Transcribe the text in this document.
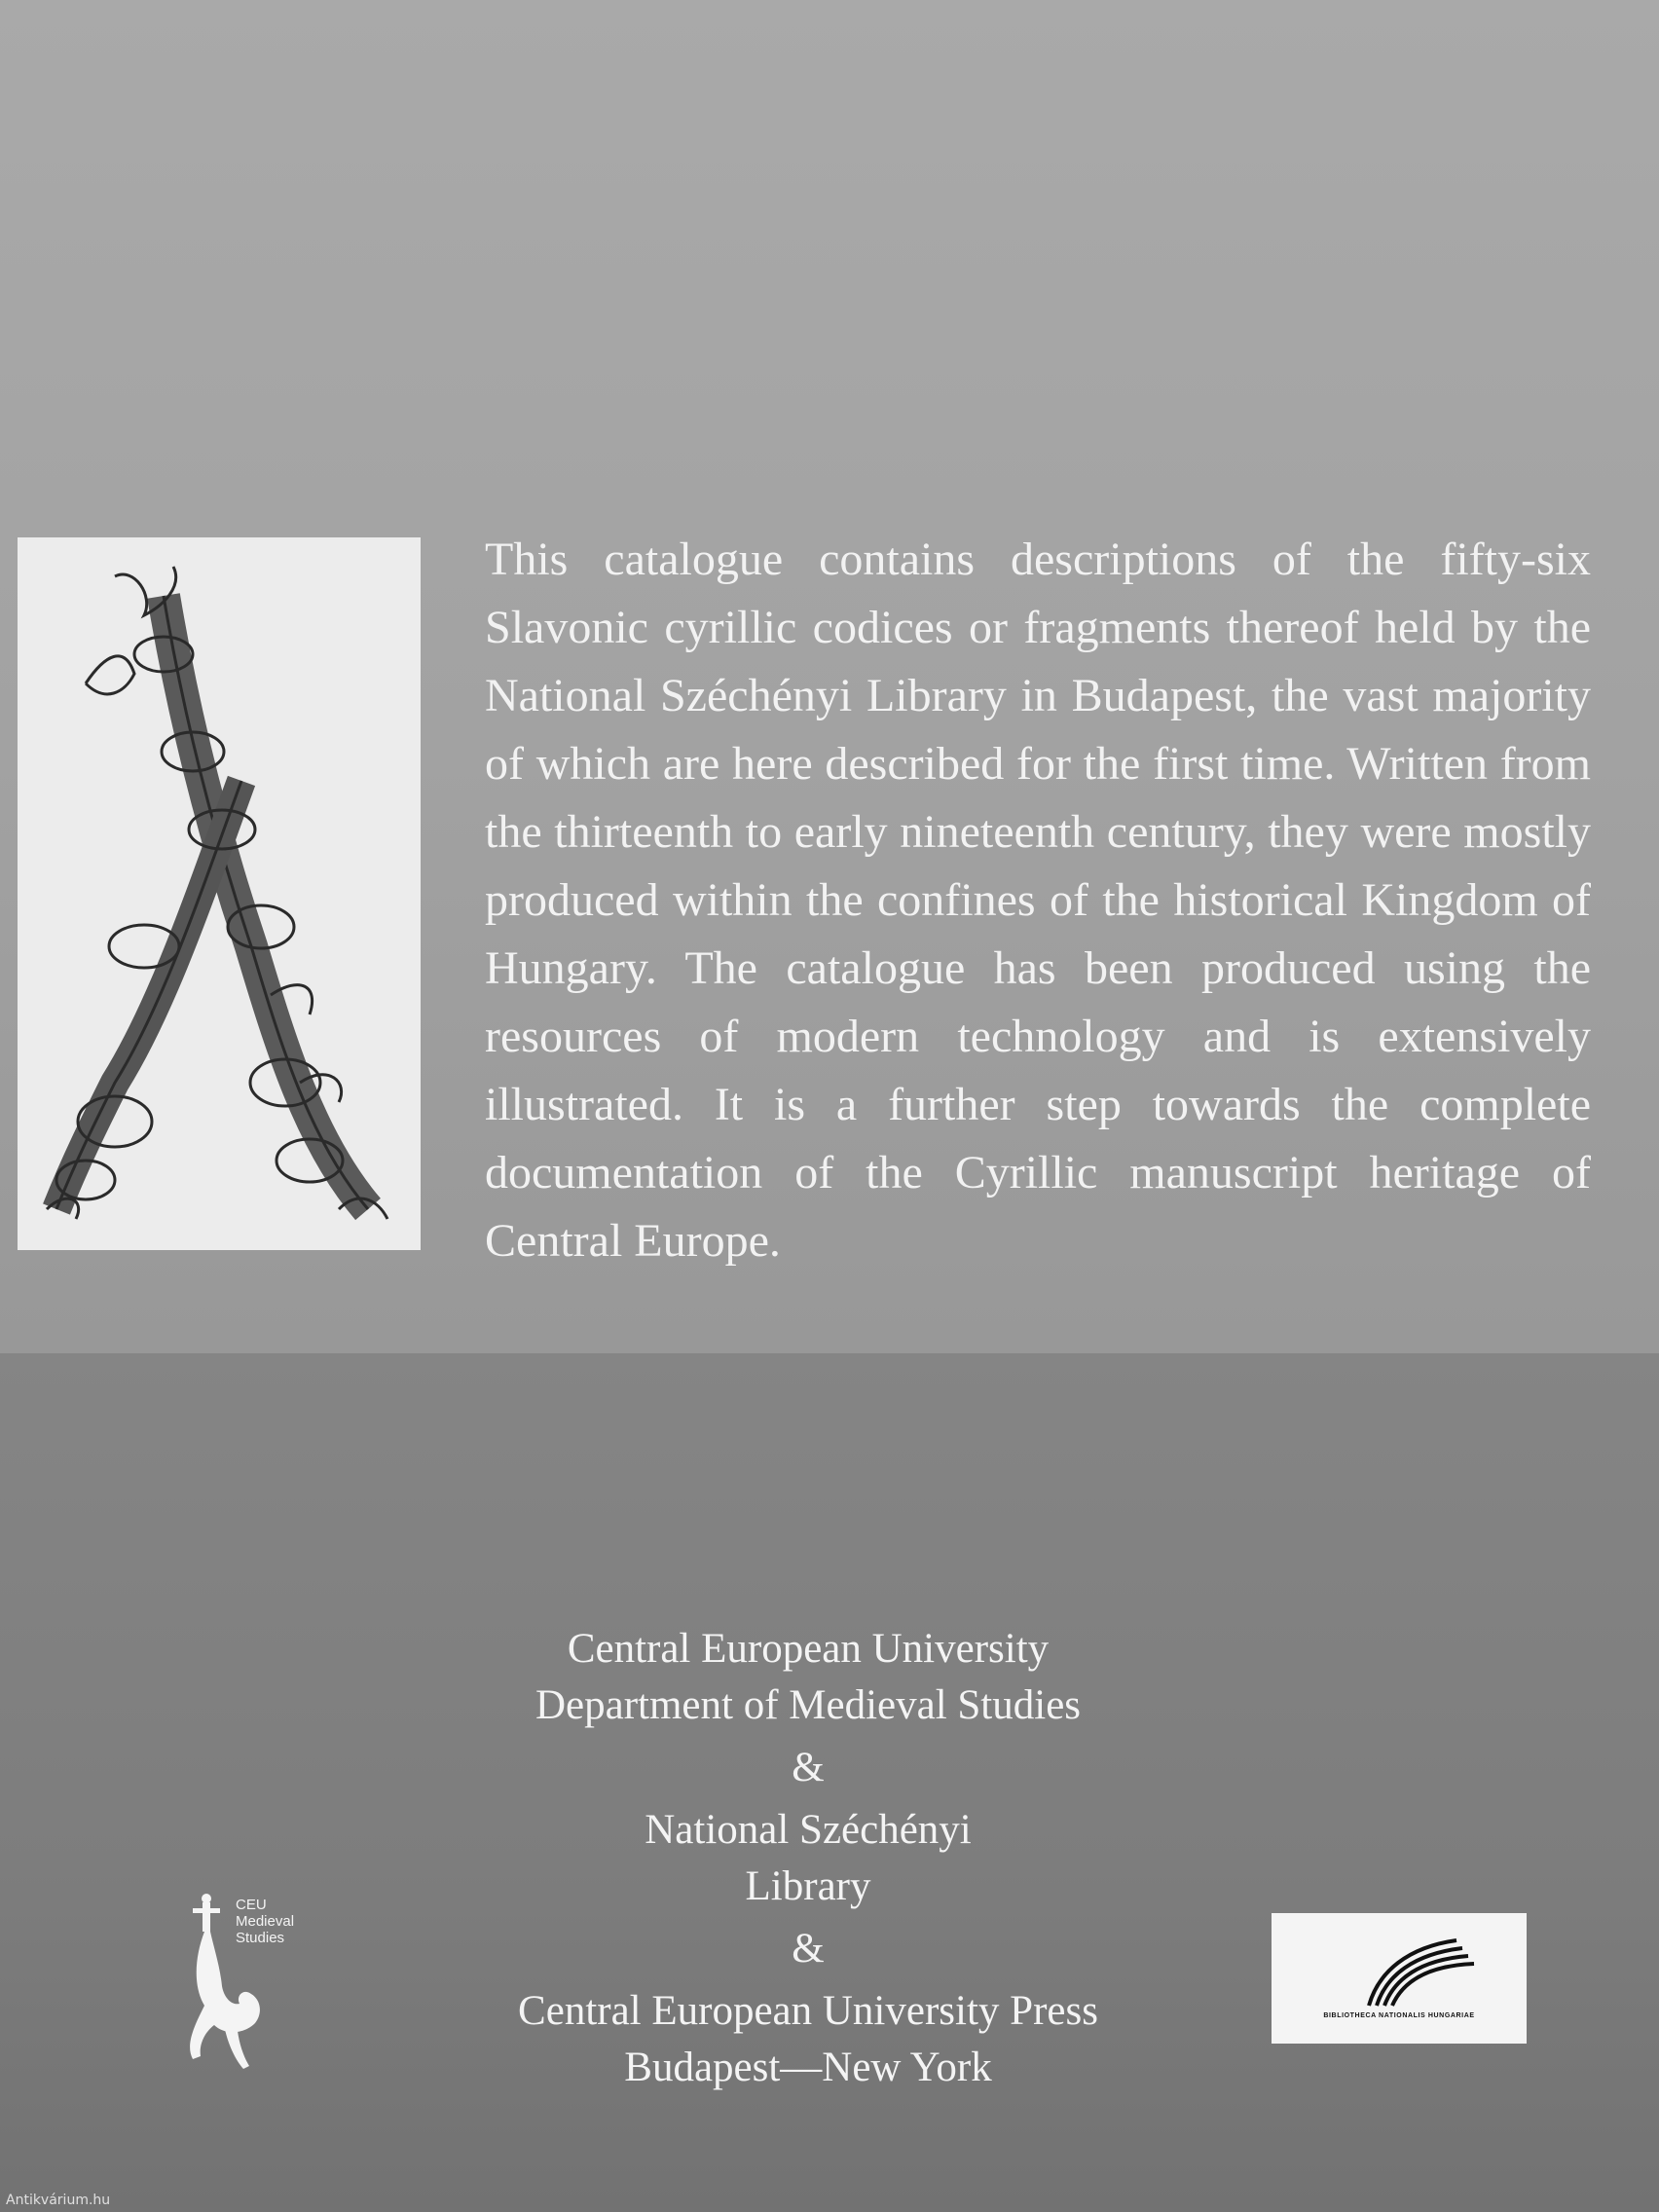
This catalogue contains descriptions of the fifty-six Slavonic cyrillic codices or fragments thereof held by the National Széchényi Library in Budapest, the vast majority of which are here described for the first time. Written from the thirteenth to early nineteenth century, they were mostly produced within the confines of the historical Kingdom of Hungary. The catalogue has been produced using the resources of modern technology and is extensively illustrated. It is a further step towards the complete documentation of the Cyrillic manuscript heritage of Central Europe.

Central European University
Department of Medieval Studies
&
National Széchényi
Library
&
Central European University Press
Budapest—New York
CEU
Medieval
Studies
BIBLIOTHECA NATIONALIS HUNGARIAE
Antikvárium.hu
